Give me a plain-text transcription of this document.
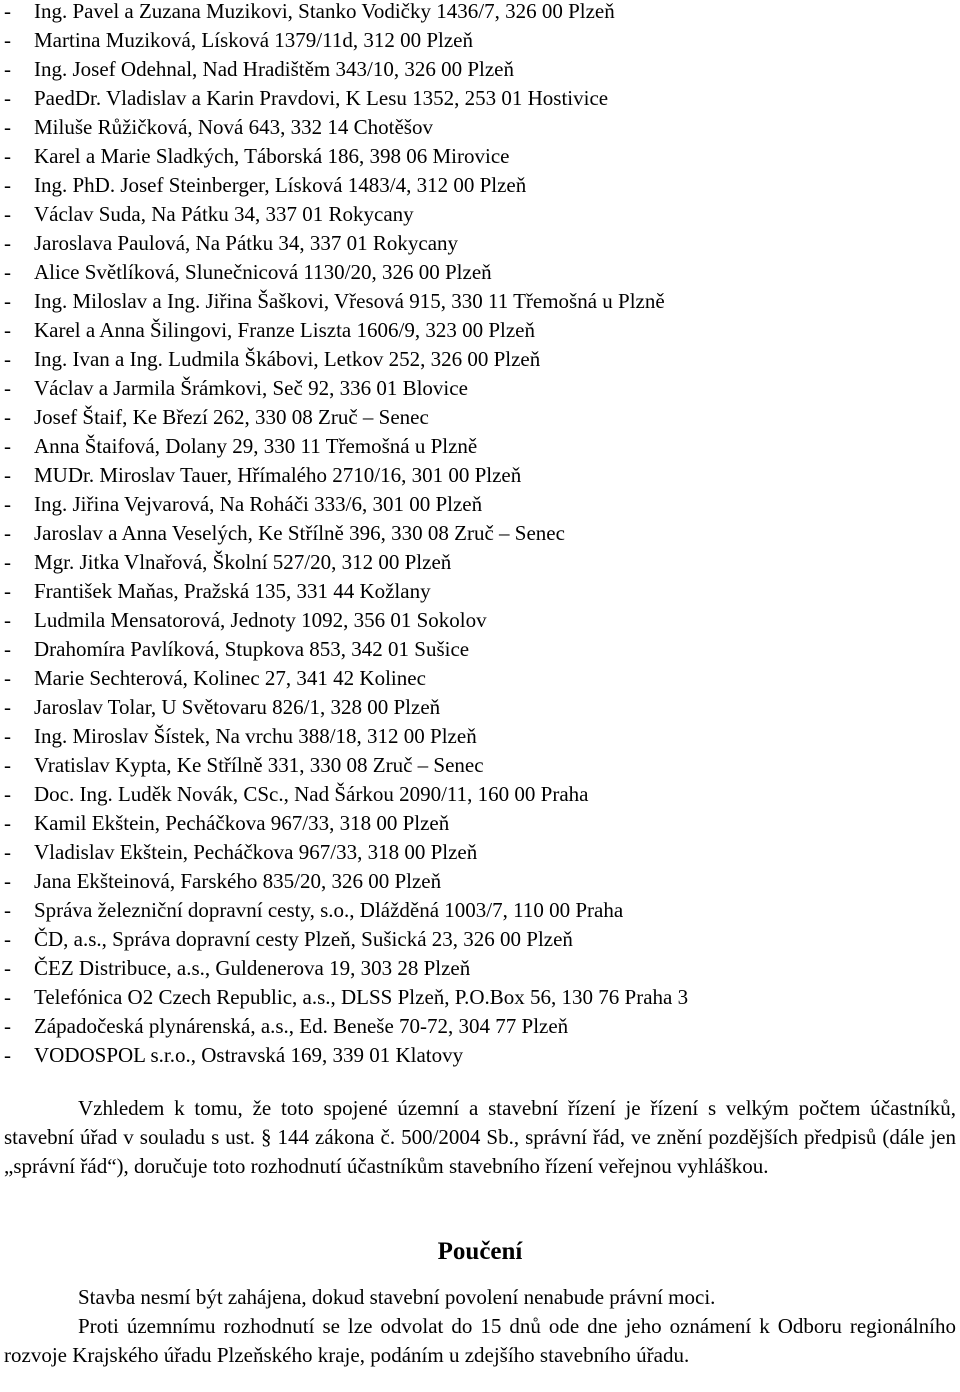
-	Ing. Pavel a Zuzana Muzikovi, Stanko Vodičky 1436/7, 326 00 Plzeň
-	Martina Muziková, Lísková 1379/11d, 312 00 Plzeň
-	Ing. Josef Odehnal, Nad Hradištěm 343/10, 326 00 Plzeň
-	PaedDr. Vladislav a Karin Pravdovi, K Lesu 1352, 253 01 Hostivice
-	Miluše Růžičková, Nová 643, 332 14 Chotěšov
-	Karel a Marie Sladkých, Táborská 186, 398 06 Mirovice
-	Ing. PhD. Josef Steinberger, Lísková 1483/4, 312 00 Plzeň
-	Václav Suda, Na Pátku 34, 337 01 Rokycany
-	Jaroslava Paulová, Na Pátku 34, 337 01 Rokycany
-	Alice Světlíková, Slunečnicová 1130/20, 326 00 Plzeň
-	Ing. Miloslav a Ing. Jiřina Šaškovi, Vřesová 915, 330 11 Třemošná u Plzně
-	Karel a Anna Šilingovi, Franze Liszta 1606/9, 323 00 Plzeň
-	Ing. Ivan a Ing. Ludmila Škábovi, Letkov 252, 326 00 Plzeň
-	Václav a Jarmila Šrámkovi, Seč 92, 336 01 Blovice
-	Josef Štaif, Ke Březí 262, 330 08 Zruč – Senec
-	Anna Štaifová, Dolany 29, 330 11 Třemošná u Plzně
-	MUDr. Miroslav Tauer, Hřímalého 2710/16, 301 00 Plzeň
-	Ing. Jiřina Vejvarová, Na Roháči 333/6, 301 00 Plzeň
-	Jaroslav a Anna Veselých, Ke Střílně 396, 330 08 Zruč – Senec
-	Mgr. Jitka Vlnařová, Školní 527/20, 312 00 Plzeň
-	František Maňas, Pražská 135, 331 44 Kožlany
-	Ludmila Mensatorová, Jednoty 1092, 356 01 Sokolov
-	Drahomíra Pavlíková, Stupkova 853, 342 01 Sušice
-	Marie Sechterová, Kolinec 27, 341 42 Kolinec
-	Jaroslav Tolar, U Světovaru 826/1, 328 00 Plzeň
-	Ing. Miroslav Šístek, Na vrchu 388/18, 312 00 Plzeň
-	Vratislav Kypta, Ke Střílně 331, 330 08 Zruč – Senec
-	Doc. Ing. Luděk Novák, CSc., Nad Šárkou 2090/11, 160 00 Praha
-	Kamil Ekštein, Pecháčkova 967/33, 318 00 Plzeň
-	Vladislav Ekštein, Pecháčkova 967/33, 318 00 Plzeň
-	Jana Ekšteinová, Farského 835/20, 326 00 Plzeň
-	Správa železniční dopravní cesty, s.o., Dlážděná 1003/7, 110 00 Praha
-	ČD, a.s., Správa dopravní cesty Plzeň, Sušická 23, 326 00 Plzeň
-	ČEZ Distribuce, a.s., Guldenerova 19, 303 28 Plzeň
-	Telefónica O2 Czech Republic, a.s., DLSS Plzeň, P.O.Box 56, 130 76 Praha 3
-	Západočeská plynárenská, a.s., Ed. Beneše 70-72, 304 77 Plzeň
-	VODOSPOL s.r.o., Ostravská 169, 339 01 Klatovy

Vzhledem k tomu, že toto spojené územní a stavební řízení je řízení s velkým počtem účastníků, stavební úřad v souladu s ust. § 144 zákona č. 500/2004 Sb., správní řád, ve znění pozdějších předpisů (dále jen „správní řád“), doručuje toto rozhodnutí účastníkům stavebního řízení veřejnou vyhláškou.

Poučení

Stavba nesmí být zahájena, dokud stavební povolení nenabude právní moci.

Proti územnímu rozhodnutí se lze odvolat do 15 dnů ode dne jeho oznámení k Odboru regionálního rozvoje Krajského úřadu Plzeňského kraje, podáním u zdejšího stavebního úřadu.
